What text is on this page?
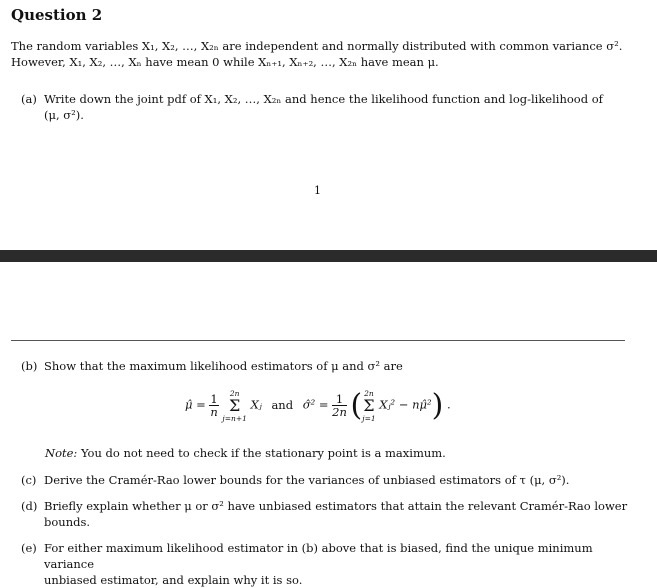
Question 2
The random variables X₁, X₂, …, X₂ₙ are independent and normally distributed with common variance σ².
However, X₁, X₂, …, Xₙ have mean 0 while Xₙ₊₁, Xₙ₊₂, …, X₂ₙ have mean μ.
(a) Write down the joint pdf of X₁, X₂, …, X₂ₙ and hence the likelihood function and log-likelihood of
(μ, σ²).
1
(b) Show that the maximum likelihood estimators of μ and σ² are
μ̂ = $\frac{1}{n}$
	2n
Σ
j=n+1
Xⱼ and σ̂² = $\frac{1}{2n}$ ( 2n
Σ
j=1
Xⱼ² − nμ̂²) .
Note: You do not need to check if the stationary point is a maximum.
(c) Derive the Cramér-Rao lower bounds for the variances of unbiased estimators of τ (μ, σ²).
(d) Briefly explain whether μ or σ² have unbiased estimators that attain the relevant Cramér-Rao lower
bounds.
(e) For either maximum likelihood estimator in (b) above that is biased, find the unique minimum variance
unbiased estimator, and explain why it is so.
